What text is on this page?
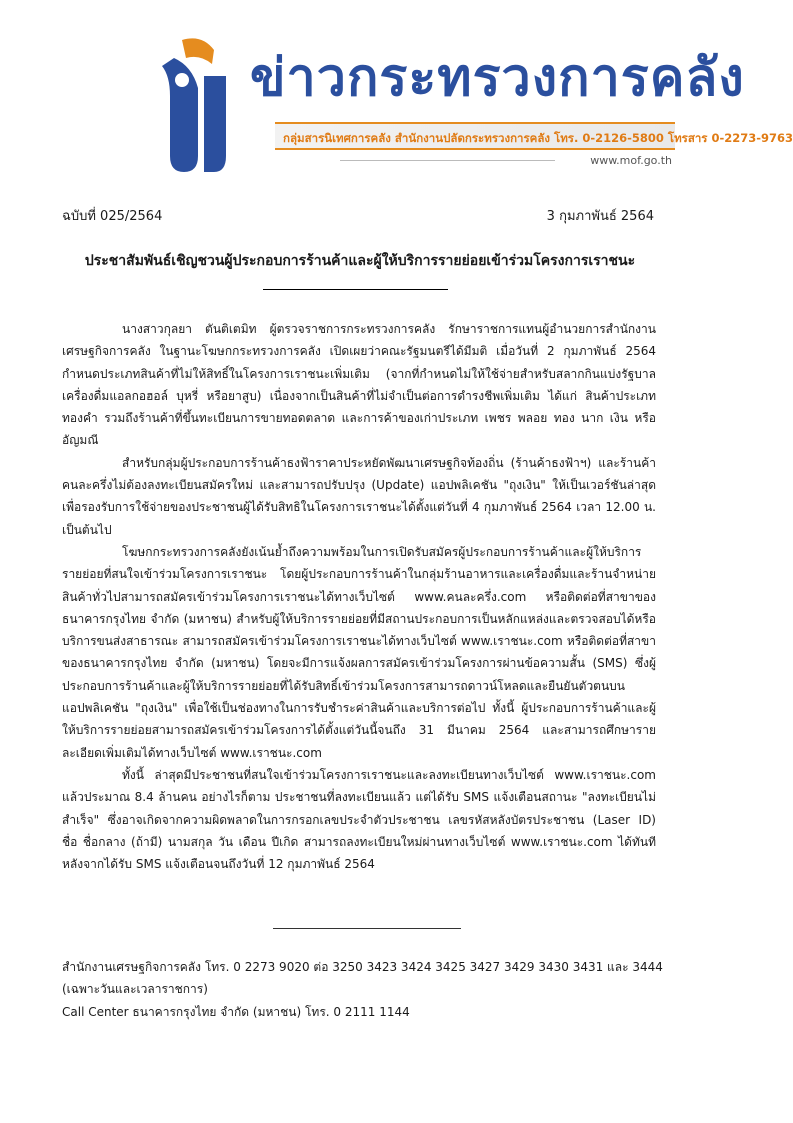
ข่าวกระทรวงการคลัง
กลุ่มสารนิเทศการคลัง สำนักงานปลัดกระทรวงการคลัง โทร. 0-2126-5800 โทรสาร 0-2273-9763
www.mof.go.th
ฉบับที่ 025/2564	3 กุมภาพันธ์ 2564
ประชาสัมพันธ์เชิญชวนผู้ประกอบการร้านค้าและผู้ให้บริการรายย่อยเข้าร่วมโครงการเราชนะ

นางสาวกุลยา ตันติเตมิท ผู้ตรวจราชการกระทรวงการคลัง รักษาราชการแทนผู้อำนวยการสำนักงานเศรษฐกิจการคลัง ในฐานะโฆษกกระทรวงการคลัง เปิดเผยว่าคณะรัฐมนตรีได้มีมติ เมื่อวันที่ 2 กุมภาพันธ์ 2564 กำหนดประเภทสินค้าที่ไม่ให้สิทธิ์ในโครงการเราชนะเพิ่มเติม (จากที่กำหนดไม่ให้ใช้จ่ายสำหรับสลากกินแบ่งรัฐบาล เครื่องดื่มแอลกอฮอล์ บุหรี่ หรือยาสูบ) เนื่องจากเป็นสินค้าที่ไม่จำเป็นต่อการดำรงชีพเพิ่มเติม ได้แก่ สินค้าประเภททองคำ รวมถึงร้านค้าที่ขึ้นทะเบียนการขายทอดตลาด และการค้าของเก่าประเภท เพชร พลอย ทอง นาก เงิน หรืออัญมณี

สำหรับกลุ่มผู้ประกอบการร้านค้าธงฟ้าราคาประหยัดพัฒนาเศรษฐกิจท้องถิ่น (ร้านค้าธงฟ้าฯ) และร้านค้าคนละครึ่งไม่ต้องลงทะเบียนสมัครใหม่ และสามารถปรับปรุง (Update) แอปพลิเคชัน "ถุงเงิน" ให้เป็นเวอร์ชันล่าสุดเพื่อรองรับการใช้จ่ายของประชาชนผู้ได้รับสิทธิในโครงการเราชนะได้ตั้งแต่วันที่ 4 กุมภาพันธ์ 2564 เวลา 12.00 น. เป็นต้นไป

โฆษกกระทรวงการคลังยังเน้นย้ำถึงความพร้อมในการเปิดรับสมัครผู้ประกอบการร้านค้าและผู้ให้บริการรายย่อยที่สนใจเข้าร่วมโครงการเราชนะ โดยผู้ประกอบการร้านค้าในกลุ่มร้านอาหารและเครื่องดื่มและร้านจำหน่ายสินค้าทั่วไปสามารถสมัครเข้าร่วมโครงการเราชนะได้ทางเว็บไซต์ www.คนละครึ่ง.com หรือติดต่อที่สาขาของธนาคารกรุงไทย จำกัด (มหาชน) สำหรับผู้ให้บริการรายย่อยที่มีสถานประกอบการเป็นหลักแหล่งและตรวจสอบได้หรือบริการขนส่งสาธารณะ สามารถสมัครเข้าร่วมโครงการเราชนะได้ทางเว็บไซต์ www.เราชนะ.com หรือติดต่อที่สาขาของธนาคารกรุงไทย จำกัด (มหาชน) โดยจะมีการแจ้งผลการสมัครเข้าร่วมโครงการผ่านข้อความสั้น (SMS) ซึ่งผู้ประกอบการร้านค้าและผู้ให้บริการรายย่อยที่ได้รับสิทธิ์เข้าร่วมโครงการสามารถดาวน์โหลดและยืนยันตัวตนบนแอปพลิเคชัน "ถุงเงิน" เพื่อใช้เป็นช่องทางในการรับชำระค่าสินค้าและบริการต่อไป ทั้งนี้ ผู้ประกอบการร้านค้าและผู้ให้บริการรายย่อยสามารถสมัครเข้าร่วมโครงการได้ตั้งแต่วันนี้จนถึง 31 มีนาคม 2564 และสามารถศึกษารายละเอียดเพิ่มเติมได้ทางเว็บไซต์ www.เราชนะ.com

ทั้งนี้ ล่าสุดมีประชาชนที่สนใจเข้าร่วมโครงการเราชนะและลงทะเบียนทางเว็บไซต์ www.เราชนะ.com แล้วประมาณ 8.4 ล้านคน อย่างไรก็ตาม ประชาชนที่ลงทะเบียนแล้ว แต่ได้รับ SMS แจ้งเตือนสถานะ "ลงทะเบียนไม่สำเร็จ" ซึ่งอาจเกิดจากความผิดพลาดในการกรอกเลขประจำตัวประชาชน เลขรหัสหลังบัตรประชาชน (Laser ID) ชื่อ ชื่อกลาง (ถ้ามี) นามสกุล วัน เดือน ปีเกิด สามารถลงทะเบียนใหม่ผ่านทางเว็บไซต์ www.เราชนะ.com ได้ทันทีหลังจากได้รับ SMS แจ้งเตือนจนถึงวันที่ 12 กุมภาพันธ์ 2564

สำนักงานเศรษฐกิจการคลัง โทร. 0 2273 9020 ต่อ 3250 3423 3424 3425 3427 3429 3430 3431 และ 3444
(เฉพาะวันและเวลาราชการ)
Call Center ธนาคารกรุงไทย จำกัด (มหาชน) โทร. 0 2111 1144
